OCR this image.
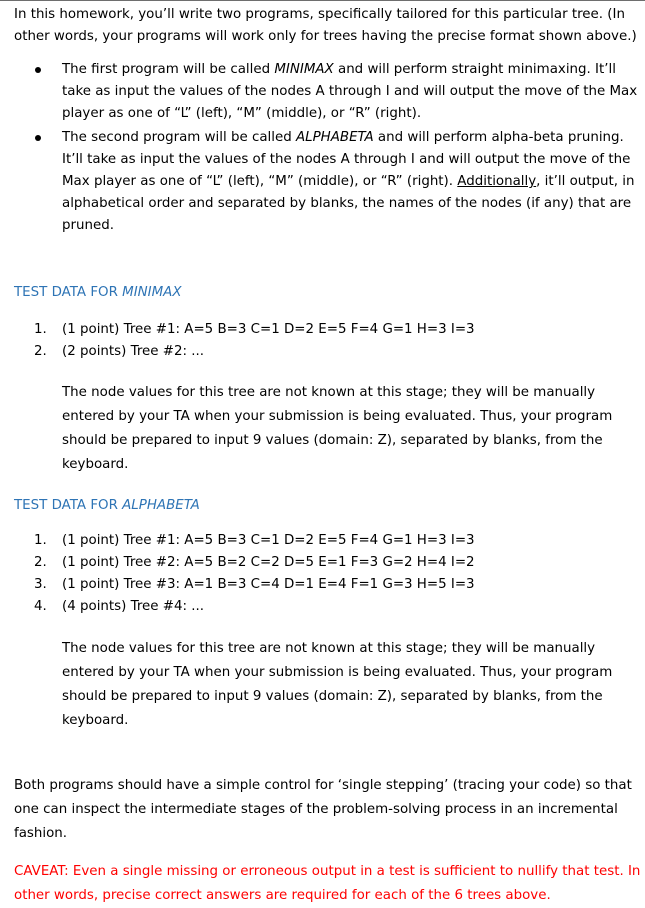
In this homework, you’ll write two programs, specifically tailored for this particular tree. (In other words, your programs will work only for trees having the precise format shown above.)

The first program will be called MINIMAX and will perform straight minimaxing. It’ll take as input the values of the nodes A through I and will output the move of the Max player as one of “L” (left), “M” (middle), or “R” (right).
The second program will be called ALPHABETA and will perform alpha-beta pruning. It’ll take as input the values of the nodes A through I and will output the move of the Max player as one of “L” (left), “M” (middle), or “R” (right). Additionally, it’ll output, in alphabetical order and separated by blanks, the names of the nodes (if any) that are pruned.
TEST DATA FOR MINIMAX
1.	(1 point) Tree #1: A=5 B=3 C=1 D=2 E=5 F=4 G=1 H=3 I=3
2.	(2 points) Tree #2: ...

The node values for this tree are not known at this stage; they will be manually entered by your TA when your submission is being evaluated. Thus, your program should be prepared to input 9 values (domain: Z), separated by blanks, from the keyboard.

TEST DATA FOR ALPHABETA
1.	(1 point) Tree #1: A=5 B=3 C=1 D=2 E=5 F=4 G=1 H=3 I=3
2.	(1 point) Tree #2: A=5 B=2 C=2 D=5 E=1 F=3 G=2 H=4 I=2
3.	(1 point) Tree #3: A=1 B=3 C=4 D=1 E=4 F=1 G=3 H=5 I=3
4.	(4 points) Tree #4: ...

The node values for this tree are not known at this stage; they will be manually entered by your TA when your submission is being evaluated. Thus, your program should be prepared to input 9 values (domain: Z), separated by blanks, from the keyboard.

Both programs should have a simple control for ‘single stepping’ (tracing your code) so that one can inspect the intermediate stages of the problem-solving process in an incremental fashion.

CAVEAT: Even a single missing or erroneous output in a test is sufficient to nullify that test. In other words, precise correct answers are required for each of the 6 trees above.
